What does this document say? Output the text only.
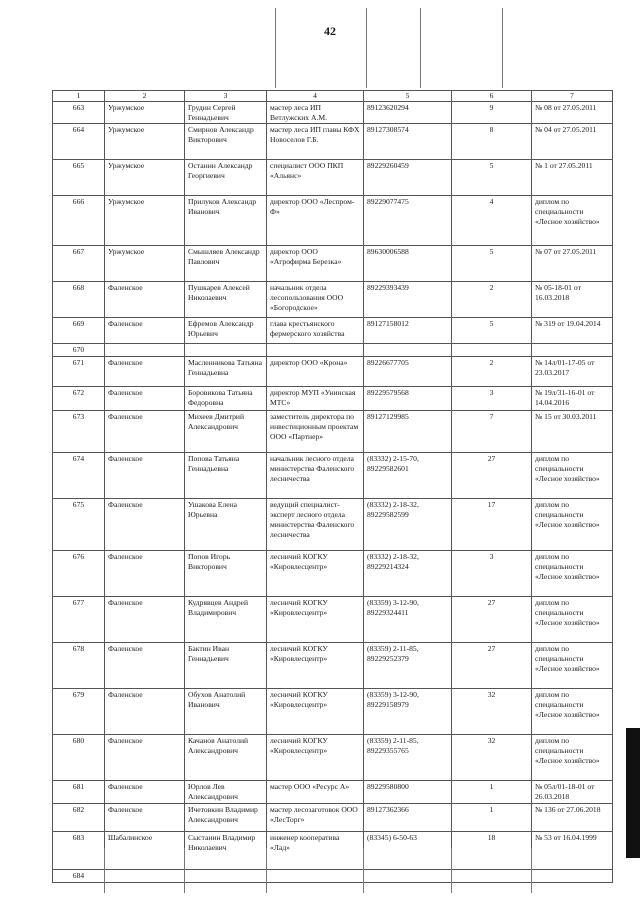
42
1	2	3	4	5	6	7
663	Уржумское	Грудин Сергей Геннадьевич	мастер леса ИП Ветлужских А.М.	89123620294	9	№ 08 от 27.05.2011
664	Уржумское	Смирнов Александр Викторович	мастер леса ИП главы КФХ Новоселов Г.Б.	89127308574	8	№ 04 от 27.05.2011
665	Уржумское	Останин Александр Георгиевич	специалист ООО ПКП «Альянс»	89229260459	5	№ 1 от 27.05.2011
666	Уржумское	Прилуков Александр Иванович	директор ООО «Леспром-Ф»	89229077475	4	диплом по специальности «Лесное хозяйство»
667	Уржумское	Смышляев Александр Павлович	директор ООО «Агрофирма Березка»	89630006588	5	№ 07 от 27.05.2011
668	Фаленское	Пушкарев Алексей Николаевич	начальник отдела лесопользования ООО «Богородское»	89229393439	2	№ 05-18-01 от 16.03.2018
669	Фаленское	Ефремов Александр Юрьевич	глава крестьянского фермерского хозяйства	89127158012	5	№ 319 от 19.04.2014
670						
671	Фаленское	Масленникова Татьяна Геннадьевна	директор ООО «Крона»	89226677705	2	№ 14л/01-17-05 от 23.03.2017
672	Фаленское	Боровикова Татьяна Федоровна	директор МУП «Унинская МТС»	89229579568	3	№ 19л/31-16-01 от 14.04.2016
673	Фаленское	Михеев Дмитрий Александрович	заместитель директора по инвестиционным проектам ООО «Партнер»	89127129985	7	№ 15 от 30.03.2011
674	Фаленское	Попова Татьяна Геннадьевна	начальник лесного отдела министерства Фаленского лесничества	(83332) 2-15-70, 89229582601	27	диплом по специальности «Лесное хозяйство»
675	Фаленское	Ушакова Елена Юрьевна	ведущий специалист-эксперт лесного отдела министерства Фаленского лесничества	(83332) 2-18-32, 89229582599	17	диплом по специальности «Лесное хозяйство»
676	Фаленское	Попов Игорь Викторович	лесничий КОГКУ «Кировлесцентр»	(83332) 2-18-32, 89229214324	3	диплом по специальности «Лесное хозяйство»
677	Фаленское	Кудрявцев Андрей Владимирович	лесничий КОГКУ «Кировлесцентр»	(83359) 3-12-90, 89229324411	27	диплом по специальности «Лесное хозяйство»
678	Фаленское	Бактин Иван Геннадьевич	лесничий КОГКУ «Кировлесцентр»	(83359) 2-11-85, 89229252379	27	диплом по специальности «Лесное хозяйство»
679	Фаленское	Обухов Анатолий Иванович	лесничий КОГКУ «Кировлесцентр»	(83359) 3-12-90, 89229158979	32	диплом по специальности «Лесное хозяйство»
680	Фаленское	Качанов Анатолий Александрович	лесничий КОГКУ «Кировлесцентр»	(83359) 2-11-85, 89229355765	32	диплом по специальности «Лесное хозяйство»
681	Фаленское	Юрлов Лев Александрович	мастер ООО «Ресурс А»	89229580800	1	№ 05л/01-18-01 от 26.03.2018
682	Фаленское	Ичетовкин Владимир Александрович	мастер лесозаготовок ООО «ЛесТорг»	89127362366	1	№ 136 от 27.06.2018
683	Шабалинское	Сыстанин Владимир Николаевич	инженер кооператива «Лад»	(83345) 6-50-63	18	№ 53 от 16.04.1999
684						
